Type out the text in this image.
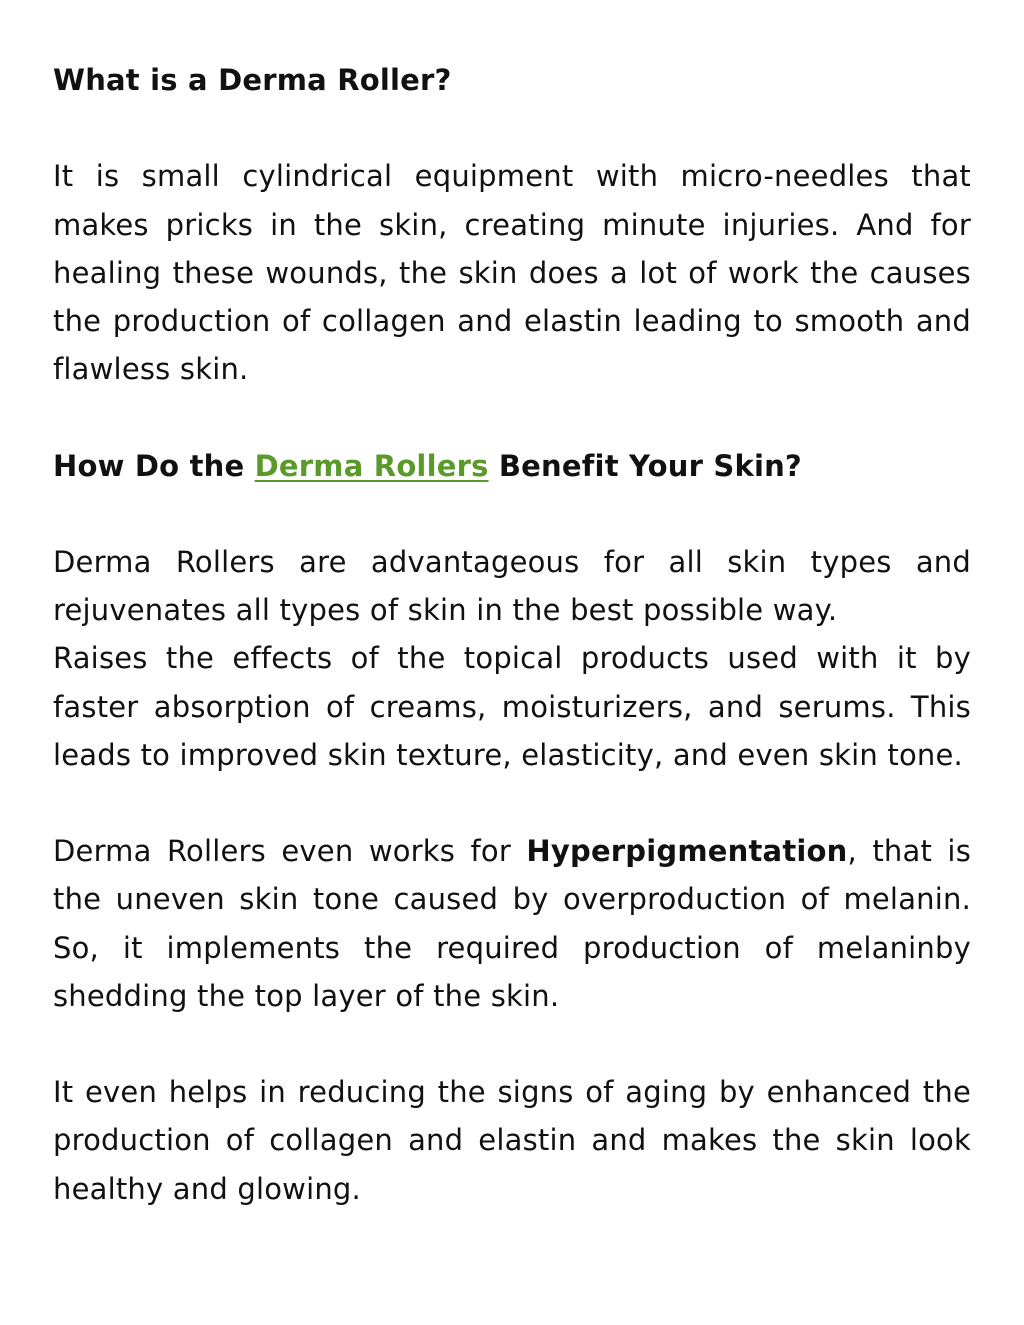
What is a Derma Roller?

It is small cylindrical equipment with micro-needles that makes pricks in the skin, creating minute injuries. And for healing these wounds, the skin does a lot of work the causes the production of collagen and elastin leading to smooth and flawless skin.

How Do the Derma Rollers Benefit Your Skin?

Derma Rollers are advantageous for all skin types and rejuvenates all types of skin in the best possible way.

Raises the effects of the topical products used with it by faster absorption of creams, moisturizers, and serums. This leads to improved skin texture, elasticity, and even skin tone.

Derma Rollers even works for Hyperpigmentation, that is the uneven skin tone caused by overproduction of melanin. So, it implements the required production of melaninby shedding the top layer of the skin.

It even helps in reducing the signs of aging by enhanced the production of collagen and elastin and makes the skin look healthy and glowing.
